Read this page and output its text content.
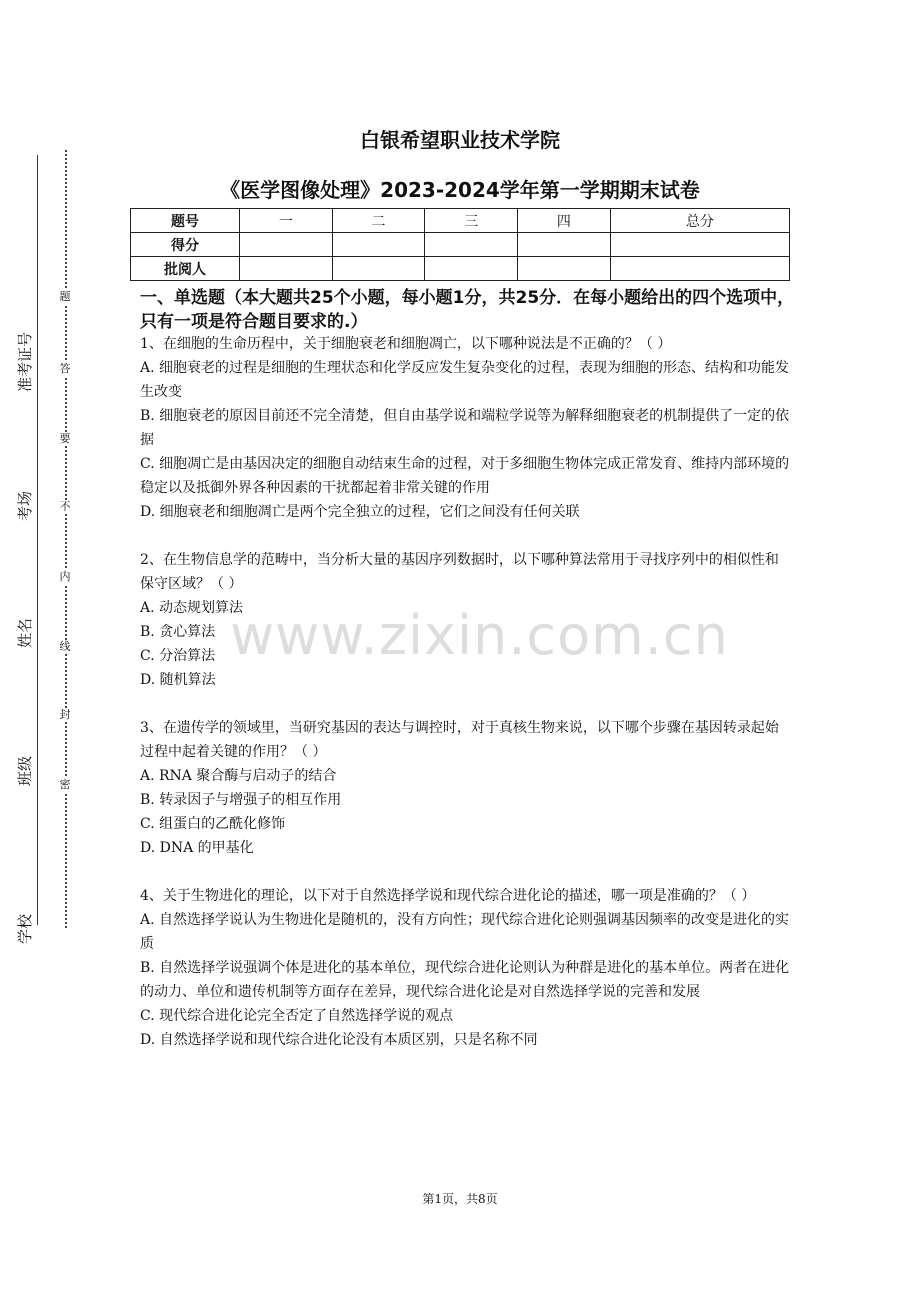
准考证号
考场
姓名
班级
学校
题
答
要
不
内
线
封
密
白银希望职业技术学院
《医学图像处理》2023-2024学年第一学期期末试卷
题号	一	二	三	四	总分
得分					
批阅人					
一、单选题（本大题共25个小题，每小题1分，共25分．在每小题给出的四个选项中，只有一项是符合题目要求的.）

1、在细胞的生命历程中，关于细胞衰老和细胞凋亡，以下哪种说法是不正确的？（ ）

A. 细胞衰老的过程是细胞的生理状态和化学反应发生复杂变化的过程，表现为细胞的形态、结构和功能发生改变

B. 细胞衰老的原因目前还不完全清楚，但自由基学说和端粒学说等为解释细胞衰老的机制提供了一定的依据

C. 细胞凋亡是由基因决定的细胞自动结束生命的过程，对于多细胞生物体完成正常发育、维持内部环境的稳定以及抵御外界各种因素的干扰都起着非常关键的作用

D. 细胞衰老和细胞凋亡是两个完全独立的过程，它们之间没有任何关联

2、在生物信息学的范畴中，当分析大量的基因序列数据时，以下哪种算法常用于寻找序列中的相似性和保守区域？（ ）

A. 动态规划算法

B. 贪心算法

C. 分治算法

D. 随机算法

3、在遗传学的领域里，当研究基因的表达与调控时，对于真核生物来说，以下哪个步骤在基因转录起始过程中起着关键的作用？（ ）

A. RNA 聚合酶与启动子的结合

B. 转录因子与增强子的相互作用

C. 组蛋白的乙酰化修饰

D. DNA 的甲基化

4、关于生物进化的理论，以下对于自然选择学说和现代综合进化论的描述，哪一项是准确的？（ ）

A. 自然选择学说认为生物进化是随机的，没有方向性；现代综合进化论则强调基因频率的改变是进化的实质

B. 自然选择学说强调个体是进化的基本单位，现代综合进化论则认为种群是进化的基本单位。两者在进化的动力、单位和遗传机制等方面存在差异，现代综合进化论是对自然选择学说的完善和发展

C. 现代综合进化论完全否定了自然选择学说的观点

D. 自然选择学说和现代综合进化论没有本质区别，只是名称不同

www.zixin.com.cn
第1页，共8页
